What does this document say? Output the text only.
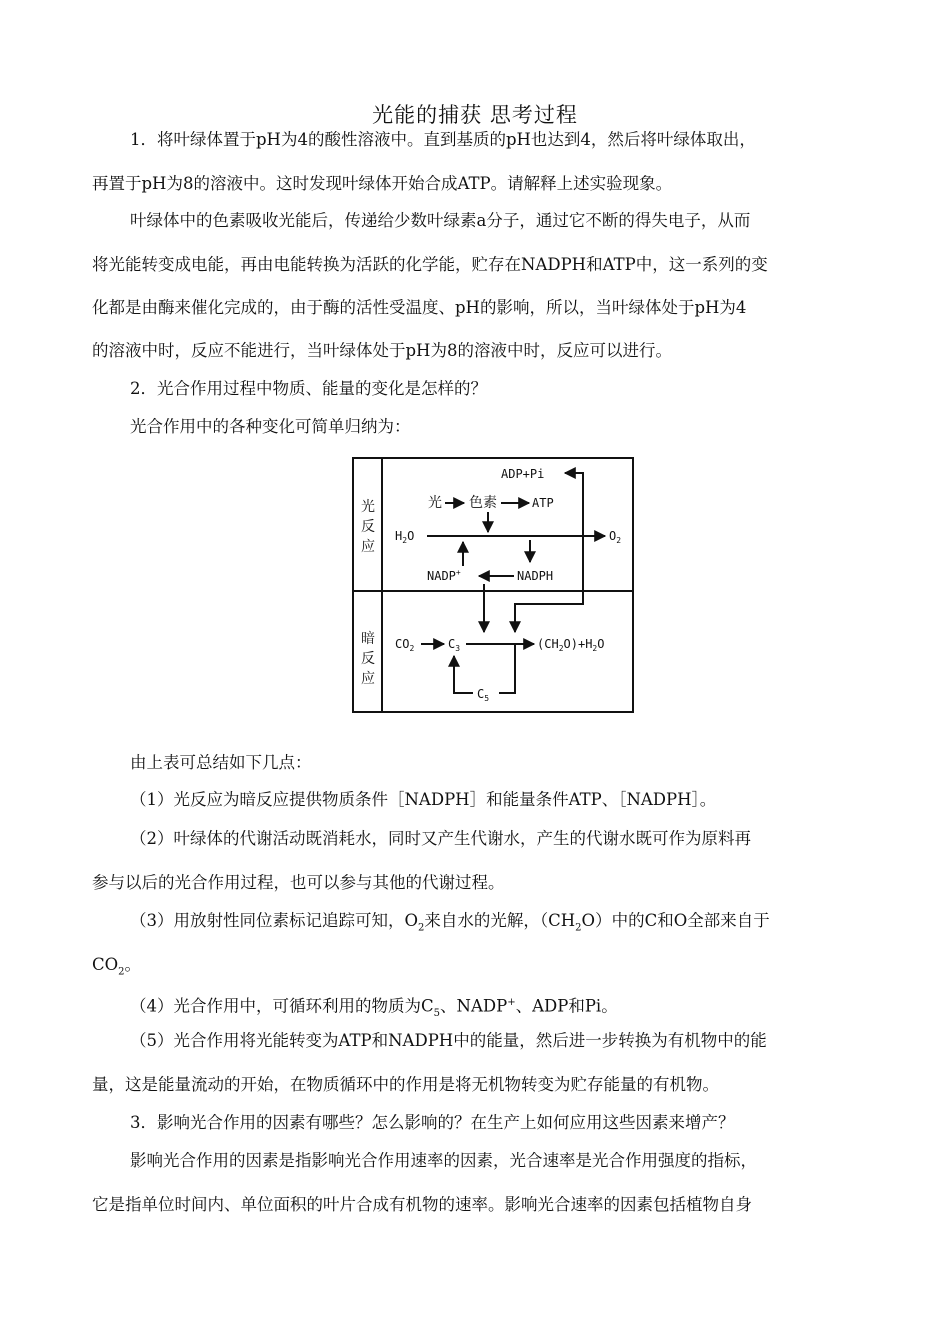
光能的捕获 思考过程
1．将叶绿体置于pH为4的酸性溶液中。直到基质的pH也达到4，然后将叶绿体取出，
再置于pH为8的溶液中。这时发现叶绿体开始合成ATP。请解释上述实验现象。
叶绿体中的色素吸收光能后，传递给少数叶绿素a分子，通过它不断的得失电子，从而
将光能转变成电能，再由电能转换为活跃的化学能，贮存在NADPH和ATP中，这一系列的变
化都是由酶来催化完成的，由于酶的活性受温度、pH的影响，所以，当叶绿体处于pH为4
的溶液中时，反应不能进行，当叶绿体处于pH为8的溶液中时，反应可以进行。
2．光合作用过程中物质、能量的变化是怎样的？
光合作用中的各种变化可简单归纳为：
光
反
应
暗
反
应
ADP+Pi
光 色素	ATP
$H_2O$	$O_2$
NADP+	NADPH
$CO_2$	$C_3$	$(CH_2O)+H_2O$
$C_5$
由上表可总结如下几点：
（1）光反应为暗反应提供物质条件［NADPH］和能量条件ATP、［NADPH］。
（2）叶绿体的代谢活动既消耗水，同时又产生代谢水，产生的代谢水既可作为原料再
参与以后的光合作用过程，也可以参与其他的代谢过程。
（3）用放射性同位素标记追踪可知，$O_2$来自水的光解，$(CH_2O)$中的C和O全部来自于
$CO_2$。
（4）光合作用中，可循环利用的物质为$C_5$、NADP+、ADP和Pi。
（5）光合作用将光能转变为ATP和NADPH中的能量，然后进一步转换为有机物中的能
量，这是能量流动的开始，在物质循环中的作用是将无机物转变为贮存能量的有机物。
3．影响光合作用的因素有哪些？怎么影响的？在生产上如何应用这些因素来增产？
影响光合作用的因素是指影响光合作用速率的因素，光合速率是光合作用强度的指标，
它是指单位时间内、单位面积的叶片合成有机物的速率。影响光合速率的因素包括植物自身
